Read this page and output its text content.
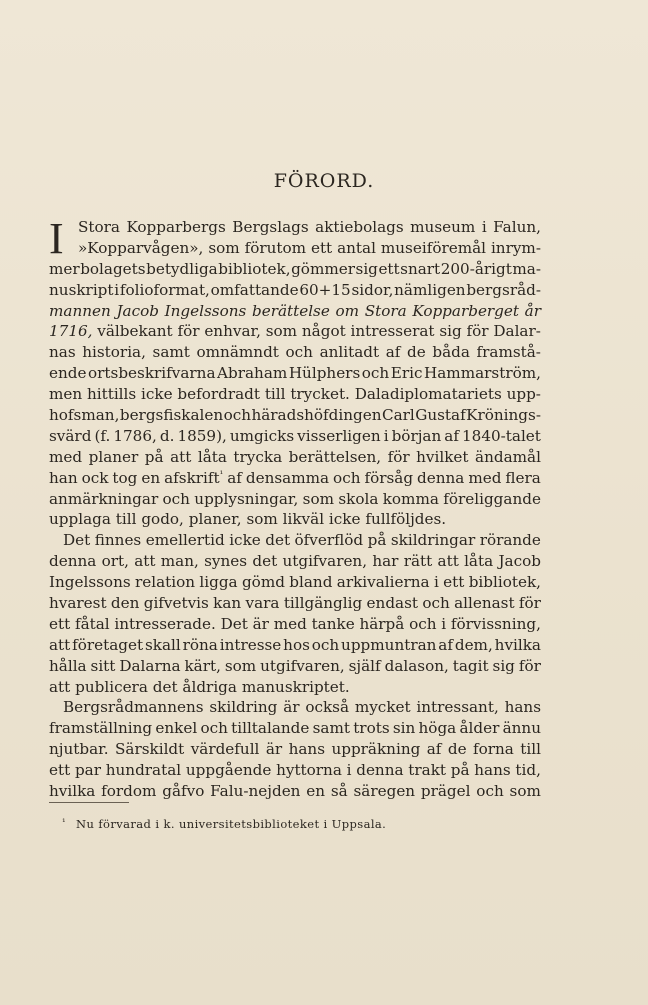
FÖRORD.
I Stora Kopparbergs Bergslags aktiebolags museum i Falun,
»Kopparvågen», som förutom ett antal museiföremål inrym-
mer bolagets betydliga bibliotek, gömmer sig ett snart 200-årigt ma-
nuskript i folioformat, omfattande 60+15 sidor, nämligen bergsråd-
mannen Jacob Ingelssons berättelse om Stora Kopparberget år
1716, välbekant för enhvar, som något intresserat sig för Dalar-
nas historia, samt omnämndt och anlitadt af de båda framstå-
ende ortsbeskrifvarna Abraham Hülphers och Eric Hammarström,
men hittills icke befordradt till trycket. Daladiplomatariets upp-
hofsman, bergsfiskalen och häradshöfdingen Carl Gustaf Krönings-
svärd (f. 1786, d. 1859), umgicks visserligen i början af 1840-talet
med planer på att låta trycka berättelsen, för hvilket ändamål
han ock tog en afskrift$^{^1}$ af densamma och försåg denna med flera
anmärkningar och upplysningar, som skola komma föreliggande
upplaga till godo, planer, som likväl icke fullföljdes.
Det finnes emellertid icke det öfverflöd på skildringar rörande
denna ort, att man, synes det utgifvaren, har rätt att låta Jacob
Ingelssons relation ligga gömd bland arkivalierna i ett bibliotek,
hvarest den gifvetvis kan vara tillgänglig endast och allenast för
ett fåtal intresserade. Det är med tanke härpå och i förvissning,
att företaget skall röna intresse hos och uppmuntran af dem, hvilka
hålla sitt Dalarna kärt, som utgifvaren, själf dalason, tagit sig för
att publicera det åldriga manuskriptet.
Bergsrådmannens skildring är också mycket intressant, hans
framställning enkel och tilltalande samt trots sin höga ålder ännu
njutbar. Särskildt värdefull är hans uppräkning af de forna till
ett par hundratal uppgående hyttorna i denna trakt på hans tid,
hvilka fordom gåfvo Falu-nejden en så säregen prägel och som
$^{^1}$ Nu förvarad i k. universitetsbiblioteket i Uppsala.
